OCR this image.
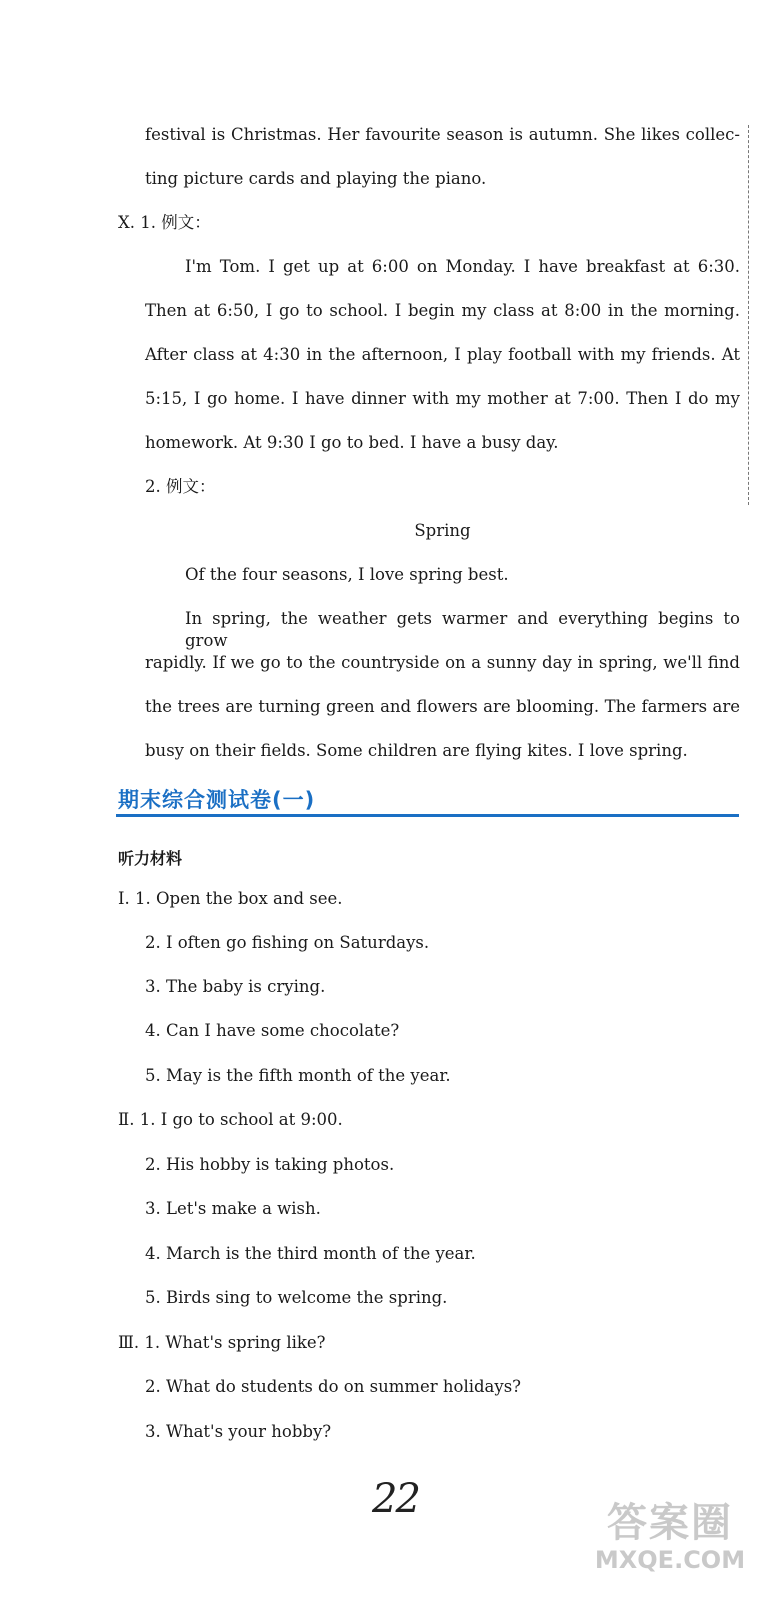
festival is Christmas. Her favourite season is autumn. She likes collec-
ting picture cards and playing the piano.
Ⅹ. 1. 例文：
I'm Tom. I get up at 6:00 on Monday. I have breakfast at 6:30.
Then at 6:50, I go to school. I begin my class at 8:00 in the morning.
After class at 4:30 in the afternoon, I play football with my friends. At
5:15, I go home. I have dinner with my mother at 7:00. Then I do my
homework. At 9:30 I go to bed. I have a busy day.
2. 例文：
Spring
Of the four seasons, I love spring best.
In spring, the weather gets warmer and everything begins to grow
rapidly. If we go to the countryside on a sunny day in spring, we'll find
the trees are turning green and flowers are blooming. The farmers are
busy on their fields. Some children are flying kites. I love spring.
期末综合测试卷(一)
听力材料
Ⅰ. 1. Open the box and see.
2. I often go fishing on Saturdays.
3. The baby is crying.
4. Can I have some chocolate?
5. May is the fifth month of the year.
Ⅱ. 1. I go to school at 9:00.
2. His hobby is taking photos.
3. Let's make a wish.
4. March is the third month of the year.
5. Birds sing to welcome the spring.
Ⅲ. 1. What's spring like?
2. What do students do on summer holidays?
3. What's your hobby?
22
答案圈
MXQE.COM
